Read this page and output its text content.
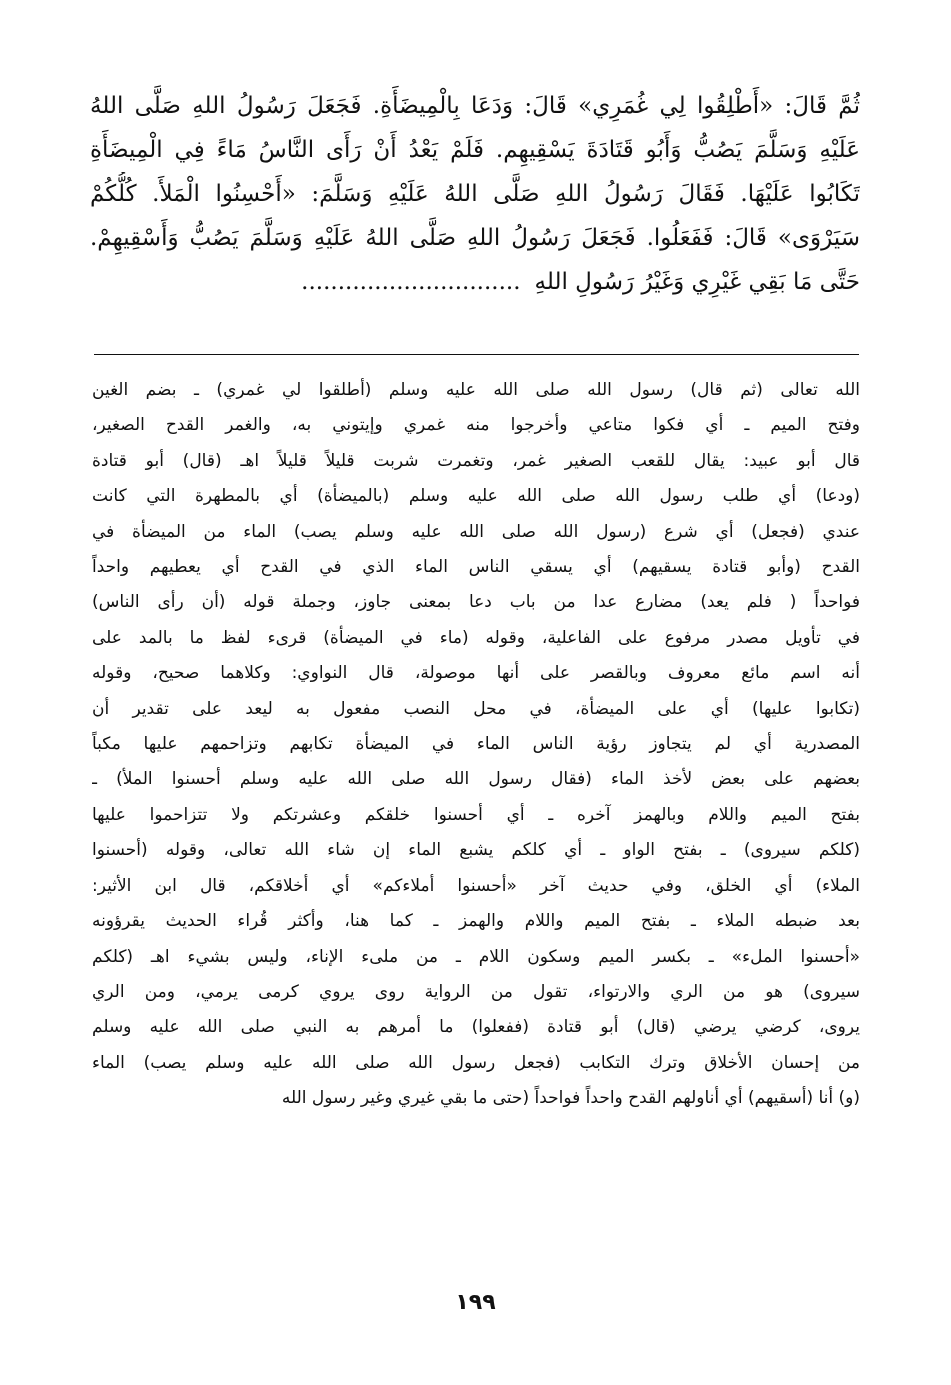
ثُمَّ قَالَ: «أَطْلِقُوا لِي غُمَرِي» قَالَ: وَدَعَا بِالْمِيضَأَةِ. فَجَعَلَ رَسُولُ اللهِ صَلَّى اللهُ
عَلَيْهِ وَسَلَّمَ يَصُبُّ وَأَبُو قَتَادَةَ يَسْقِيهِم. فَلَمْ يَعْدُ أَنْ رَأَى النَّاسُ مَاءً فِي الْمِيضَأَةِ
تَكَابُوا عَلَيْهَا. فَقَالَ رَسُولُ اللهِ صَلَّى اللهُ عَلَيْهِ وَسَلَّمَ: «أَحْسِنُوا الْمَلأَ. كُلُّكُمْ
سَيَرْوَى» قَالَ: فَفَعَلُوا. فَجَعَلَ رَسُولُ اللهِ صَلَّى اللهُ عَلَيْهِ وَسَلَّمَ يَصُبُّ وَأَسْقِيهِمْ.
حَتَّى مَا بَقِي غَيْرِي وَغَيْرُ رَسُولِ اللهِ..............................
الله تعالى (ثم قال) رسول الله صلى الله عليه وسلم (أطلقوا لي غمري) ـ بضم الغين
وفتح الميم ـ أي فكوا متاعي وأخرجوا منه غمري وإيتوني به، والغمر القدح الصغير،
قال أبو عبيد: يقال للقعب الصغير غمر، وتغمرت شربت قليلاً قليلاً اهـ (قال) أبو قتادة
(ودعا) أي طلب رسول الله صلى الله عليه وسلم (بالميضأة) أي بالمطهرة التي كانت
عندي (فجعل) أي شرع (رسول الله صلى الله عليه وسلم يصب) الماء من الميضأة في
القدح (وأبو قتادة يسقيهم) أي يسقي الناس الماء الذي في القدح أي يعطيهم واحداً
فواحداً ( فلم يعد) مضارع عدا من باب دعا بمعنى جاوز، وجملة قوله (أن رأى الناس)
في تأويل مصدر مرفوع على الفاعلية، وقوله (ماء في الميضأة) قرىء لفظ ما بالمد على
أنه اسم مائع معروف وبالقصر على أنها موصولة، قال النواوي: وكلاهما صحيح، وقوله
(تكابوا عليها) أي على الميضأة، في محل النصب مفعول به ليعد على تقدير أن
المصدرية أي لم يتجاوز رؤية الناس الماء في الميضأة تكابهم وتزاحمهم عليها مكباً
بعضهم على بعض لأخذ الماء (فقال رسول الله صلى الله عليه وسلم أحسنوا الملأ) ـ
بفتح الميم واللام وبالهمز آخره ـ أي أحسنوا خلقكم وعشرتكم ولا تتزاحموا عليها
(كلكم سيروى) ـ بفتح الواو ـ أي كلكم يشبع الماء إن شاء الله تعالى، وقوله (أحسنوا
الملاء) أي الخلق، وفي حديث آخر «أحسنوا أملاءكم» أي أخلاقكم، قال ابن الأثير:
بعد ضبطه الملاء ـ بفتح الميم واللام والهمز ـ كما هنا، وأكثر قُراء الحديث يقرؤونه
«أحسنوا الملء» ـ بكسر الميم وسكون اللام ـ من ملىء الإناء، وليس بشيء اهـ (كلكم
سيروى) هو من الري والارتواء، تقول من الرواية روى يروي كرمى يرمي، ومن الري
يروى، كرضي يرضي (قال) أبو قتادة (ففعلوا) ما أمرهم به النبي صلى الله عليه وسلم
من إحسان الأخلاق وترك التكابب (فجعل رسول الله صلى الله عليه وسلم يصب) الماء
(و) أنا (أسقيهم) أي أناولهم القدح واحداً فواحداً (حتى ما بقي غيري وغير رسول الله
١٩٩
